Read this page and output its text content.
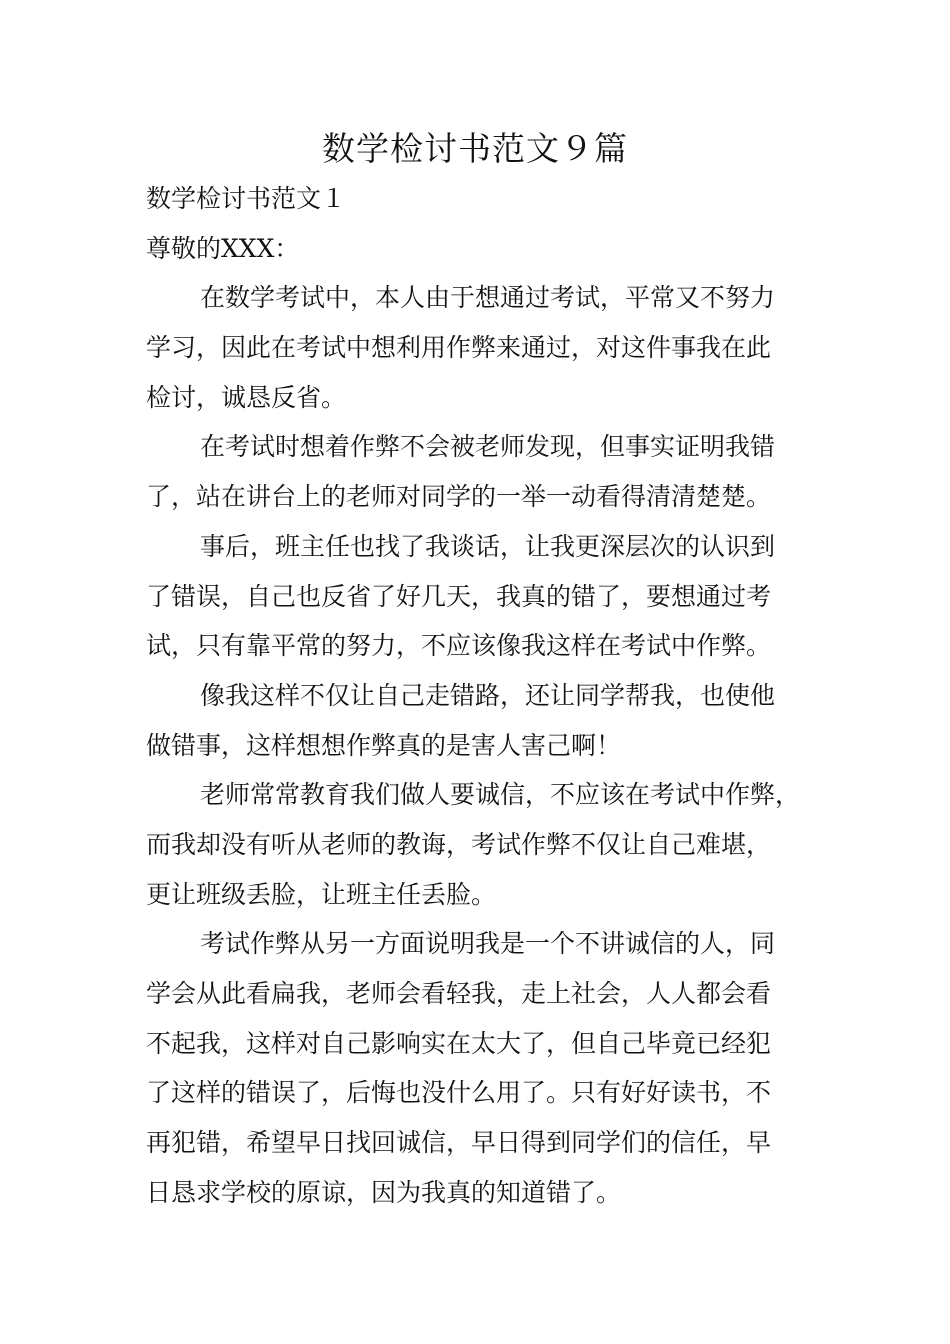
数学检讨书范文９篇
数学检讨书范文１
尊敬的XXX：
在数学考试中，本人由于想通过考试，平常又不努力
学习，因此在考试中想利用作弊来通过，对这件事我在此
检讨，诚恳反省。
在考试时想着作弊不会被老师发现，但事实证明我错
了，站在讲台上的老师对同学的一举一动看得清清楚楚。
事后，班主任也找了我谈话，让我更深层次的认识到
了错误，自己也反省了好几天，我真的错了，要想通过考
试，只有靠平常的努力，不应该像我这样在考试中作弊。
像我这样不仅让自己走错路，还让同学帮我，也使他
做错事，这样想想作弊真的是害人害己啊！
老师常常教育我们做人要诚信，不应该在考试中作弊，
而我却没有听从老师的教诲，考试作弊不仅让自己难堪，
更让班级丢脸，让班主任丢脸。
考试作弊从另一方面说明我是一个不讲诚信的人，同
学会从此看扁我，老师会看轻我，走上社会，人人都会看
不起我，这样对自己影响实在太大了，但自己毕竟已经犯
了这样的错误了，后悔也没什么用了。只有好好读书，不
再犯错，希望早日找回诚信，早日得到同学们的信任，早
日恳求学校的原谅，因为我真的知道错了。
